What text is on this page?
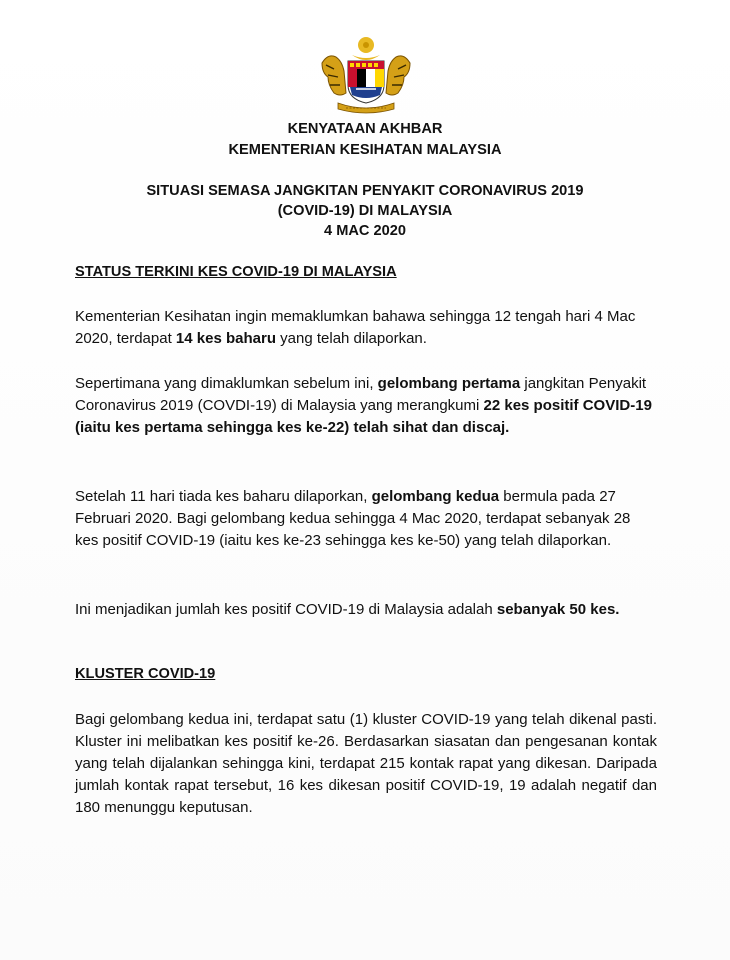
KENYATAAN AKHBAR
KEMENTERIAN KESIHATAN MALAYSIA
SITUASI SEMASA JANGKITAN PENYAKIT CORONAVIRUS 2019
(COVID-19) DI MALAYSIA
4 MAC 2020
STATUS TERKINI KES COVID-19 DI MALAYSIA
Kementerian Kesihatan ingin memaklumkan bahawa sehingga 12 tengah hari 4 Mac 2020, terdapat 14 kes baharu yang telah dilaporkan.
Sepertimana yang dimaklumkan sebelum ini, gelombang pertama jangkitan Penyakit Coronavirus 2019 (COVDI-19) di Malaysia yang merangkumi 22 kes positif COVID-19 (iaitu kes pertama sehingga kes ke-22) telah sihat dan discaj.
Setelah 11 hari tiada kes baharu dilaporkan, gelombang kedua bermula pada 27 Februari 2020. Bagi gelombang kedua sehingga 4 Mac 2020, terdapat sebanyak 28 kes positif COVID-19 (iaitu kes ke-23 sehingga kes ke-50) yang telah dilaporkan.
Ini menjadikan jumlah kes positif COVID-19 di Malaysia adalah sebanyak 50 kes.
KLUSTER COVID-19
Bagi gelombang kedua ini, terdapat satu (1) kluster COVID-19 yang telah dikenal pasti. Kluster ini melibatkan kes positif ke-26. Berdasarkan siasatan dan pengesanan kontak yang telah dijalankan sehingga kini, terdapat 215 kontak rapat yang dikesan. Daripada jumlah kontak rapat tersebut, 16 kes dikesan positif COVID-19, 19 adalah negatif dan 180 menunggu keputusan.
